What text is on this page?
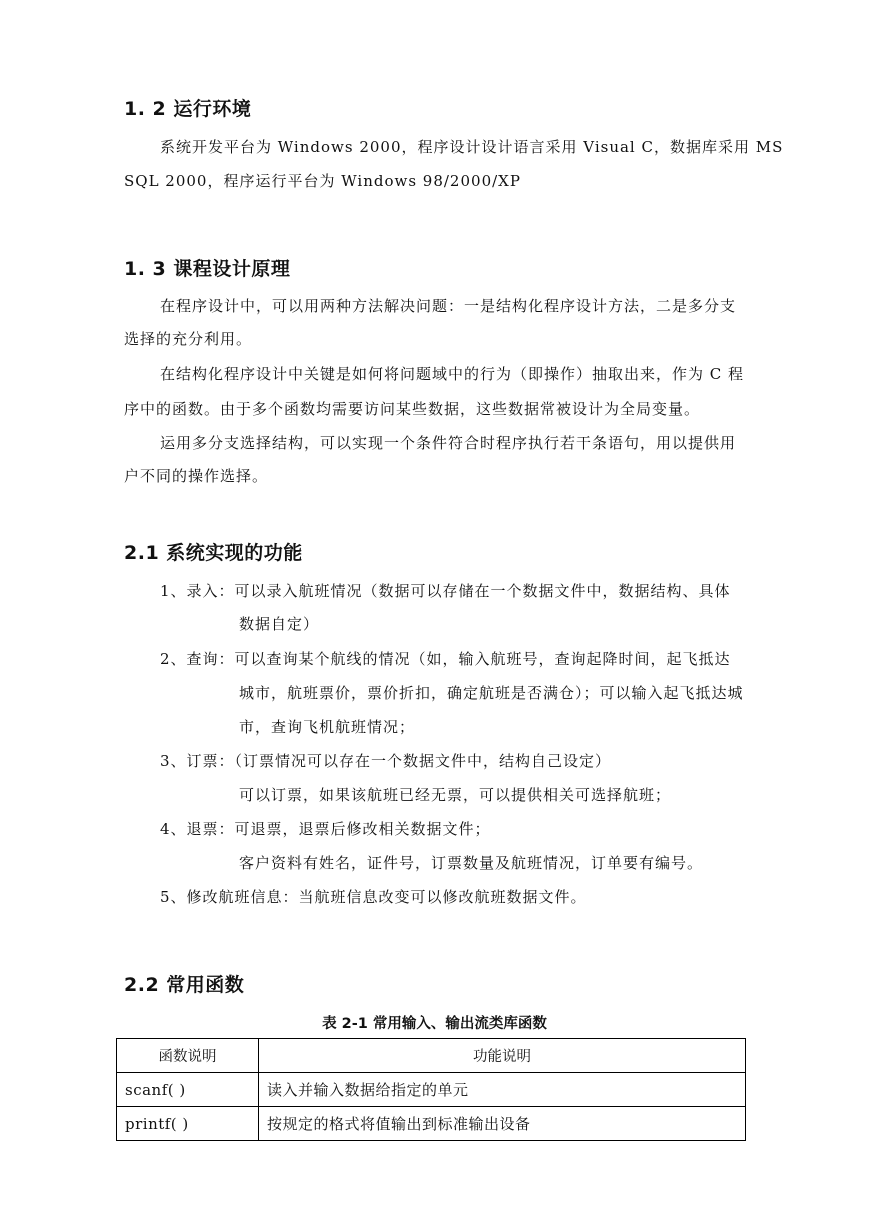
1. 2 运行环境
系统开发平台为 Windows 2000，程序设计设计语言采用 Visual C，数据库采用 MS
SQL 2000，程序运行平台为 Windows 98/2000/XP
1. 3 课程设计原理
在程序设计中，可以用两种方法解决问题：一是结构化程序设计方法，二是多分支
选择的充分利用。
在结构化程序设计中关键是如何将问题域中的行为（即操作）抽取出来，作为 C 程
序中的函数。由于多个函数均需要访问某些数据，这些数据常被设计为全局变量。
运用多分支选择结构，可以实现一个条件符合时程序执行若干条语句，用以提供用
户不同的操作选择。
2.1 系统实现的功能
1、录入：可以录入航班情况（数据可以存储在一个数据文件中，数据结构、具体
数据自定）
2、查询：可以查询某个航线的情况（如，输入航班号，查询起降时间，起飞抵达
城市，航班票价，票价折扣，确定航班是否满仓）；可以输入起飞抵达城
市，查询飞机航班情况；
3、订票：（订票情况可以存在一个数据文件中，结构自己设定）
可以订票，如果该航班已经无票，可以提供相关可选择航班；
4、退票：可退票，退票后修改相关数据文件；
客户资料有姓名，证件号，订票数量及航班情况，订单要有编号。
5、修改航班信息：当航班信息改变可以修改航班数据文件。
2.2 常用函数
表 2-1 常用输入、输出流类库函数
函数说明	功能说明
scanf( )	读入并输入数据给指定的单元
printf( )	按规定的格式将值输出到标准输出设备
